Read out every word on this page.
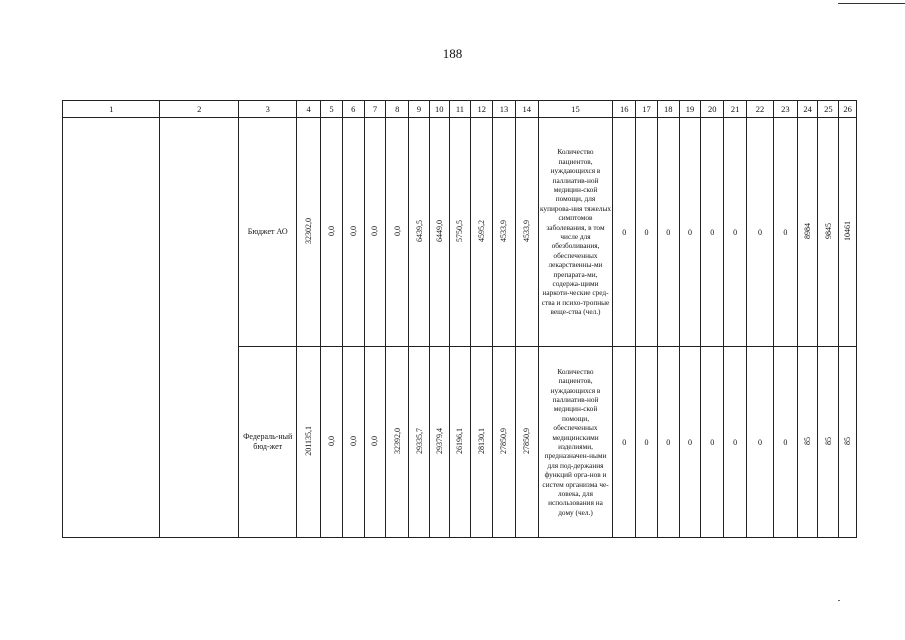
188
1	2	3	4	5	6	7	8	9	10	11	12	13	14	15	16	17	18	19	20	21	22	23	24	25	26

		Бюджет АО	32302,0	0,0	0,0	0,0	0,0	6439,5	6449,0	5750,5	4595,2	4533,9	4533,9	Количество пациентов, нуждающихся в паллиатив-ной медицин-ской помощи, для купирова-ния тяжелых симптомов заболевания, в том числе для обезболивания, обеспеченных лекарственны-ми препарата-ми, содержа-щими наркоти-ческие сред-ства и психо-тропные веще-ства (чел.)	0	0	0	0	0	0	0	0	8984	9845	10461

		Федераль-ный бюд-жет	201135,1	0,0	0,0	0,0	32392,0	29335,7	29379,4	26196,1	28130,1	27850,9	27850,9	Количество пациентов, нуждающихся в паллиатив-ной медицин-ской помощи, обеспеченных медицинскими изделиями, предназначен-ными для под-держания функций орга-нов и систем организма че-ловека, для использования на дому (чел.)	0	0	0	0	0	0	0	0	85	85	85
